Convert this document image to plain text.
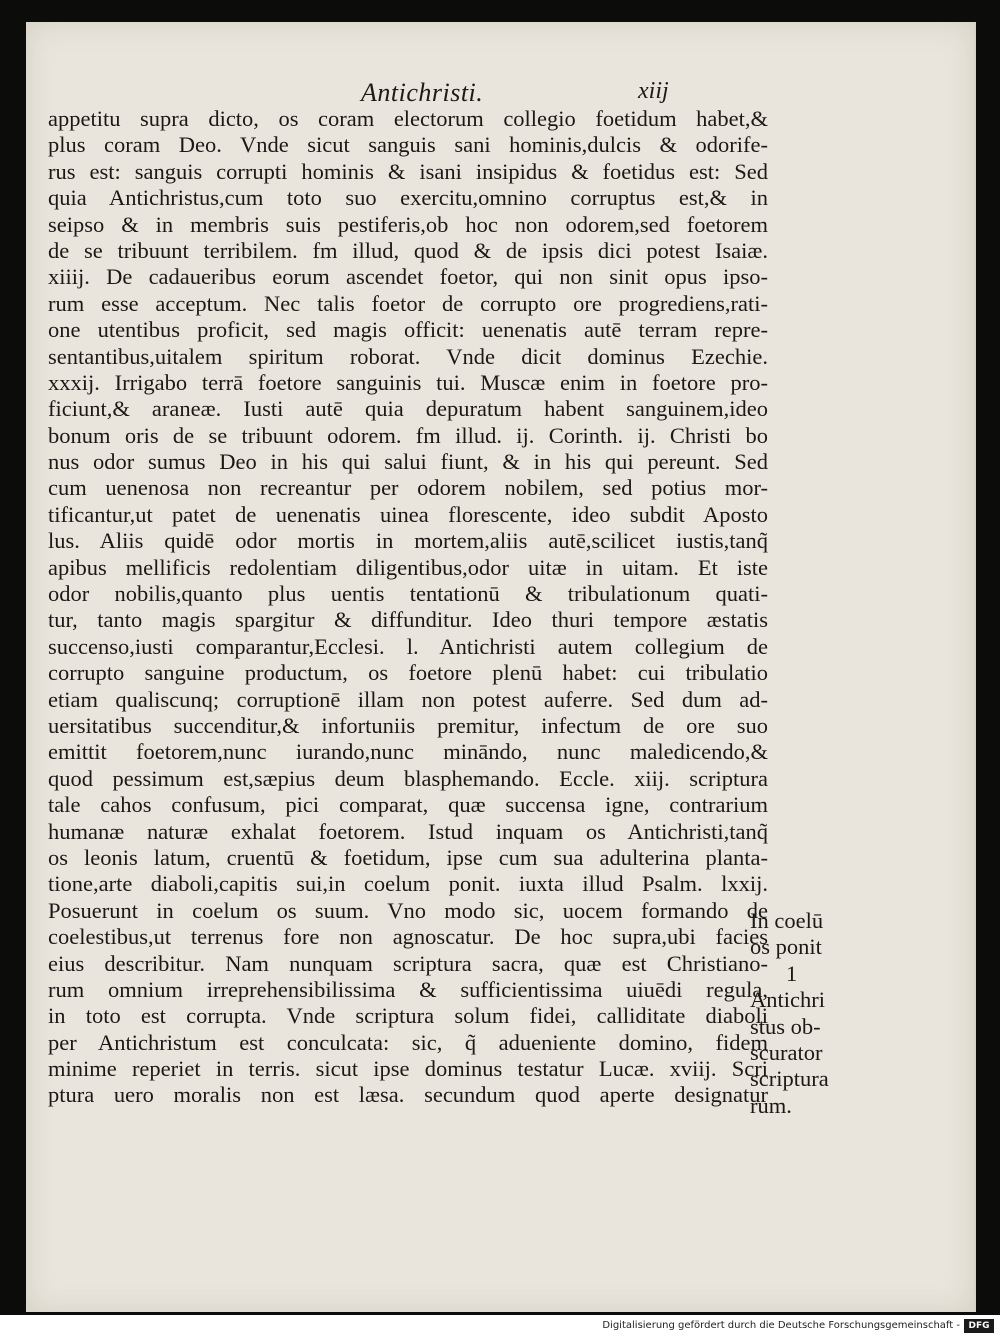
Antichristi.	xiij
appetitu supra dicto, os coram electorum collegio foetidum habet,&
plus coram Deo. Vnde sicut sanguis sani hominis,dulcis & odorife-
rus est: sanguis corrupti hominis & isani insipidus & foetidus est: Sed
quia Antichristus,cum toto suo exercitu,omnino corruptus est,& in
seipso & in membris suis pestiferis,ob hoc non odorem,sed foetorem
de se tribuunt terribilem. fm illud, quod & de ipsis dici potest Isaiæ.
xiiij. De cadaueribus eorum ascendet foetor, qui non sinit opus ipso-
rum esse acceptum. Nec talis foetor de corrupto ore progrediens,rati-
one utentibus proficit, sed magis officit: uenenatis autē terram repre-
sentantibus,uitalem spiritum roborat. Vnde dicit dominus Ezechie.
xxxij. Irrigabo terrā foetore sanguinis tui. Muscæ enim in foetore pro-
ficiunt,& araneæ. Iusti autē quia depuratum habent sanguinem,ideo
bonum oris de se tribuunt odorem. fm illud. ij. Corinth. ij. Christi bo
nus odor sumus Deo in his qui salui fiunt, & in his qui pereunt. Sed
cum uenenosa non recreantur per odorem nobilem, sed potius mor-
tificantur,ut patet de uenenatis uinea florescente, ideo subdit Aposto
lus. Aliis quidē odor mortis in mortem,aliis autē,scilicet iustis,tanq̃
apibus mellificis redolentiam diligentibus,odor uitæ in uitam. Et iste
odor nobilis,quanto plus uentis tentationū & tribulationum quati-
tur, tanto magis spargitur & diffunditur. Ideo thuri tempore æstatis
succenso,iusti comparantur,Ecclesi. l. Antichristi autem collegium de
corrupto sanguine productum, os foetore plenū habet: cui tribulatio
etiam qualiscunq; corruptionē illam non potest auferre. Sed dum ad-
uersitatibus succenditur,& infortuniis premitur, infectum de ore suo
emittit foetorem,nunc iurando,nunc mināndo, nunc maledicendo,&
quod pessimum est,sæpius deum blasphemando. Eccle. xiij. scriptura
tale cahos confusum, pici comparat, quæ succensa igne, contrarium
humanæ naturæ exhalat foetorem. Istud inquam os Antichristi,tanq̃
os leonis latum, cruentū & foetidum, ipse cum sua adulterina planta-
tione,arte diaboli,capitis sui,in coelum ponit. iuxta illud Psalm. lxxij.
Posuerunt in coelum os suum. Vno modo sic, uocem formando de
coelestibus,ut terrenus fore non agnoscatur. De hoc supra,ubi facies
eius describitur. Nam nunquam scriptura sacra, quæ est Christiano-
rum omnium irreprehensibilissima & sufficientissima uiuēdi regula,
in toto est corrupta. Vnde scriptura solum fidei, calliditate diaboli
per Antichristum est conculcata: sic, q̃ adueniente domino, fidem
minime reperiet in terris. sicut ipse dominus testatur Lucæ. xviij. Scri
ptura uero moralis non est læsa. secundum quod aperte designatur
In coelū
os ponit
1
Antichri
stus ob-
scurator
scriptura
rum.
Digitalisierung gefördert durch die Deutsche Forschungsgemeinschaft - DFG
